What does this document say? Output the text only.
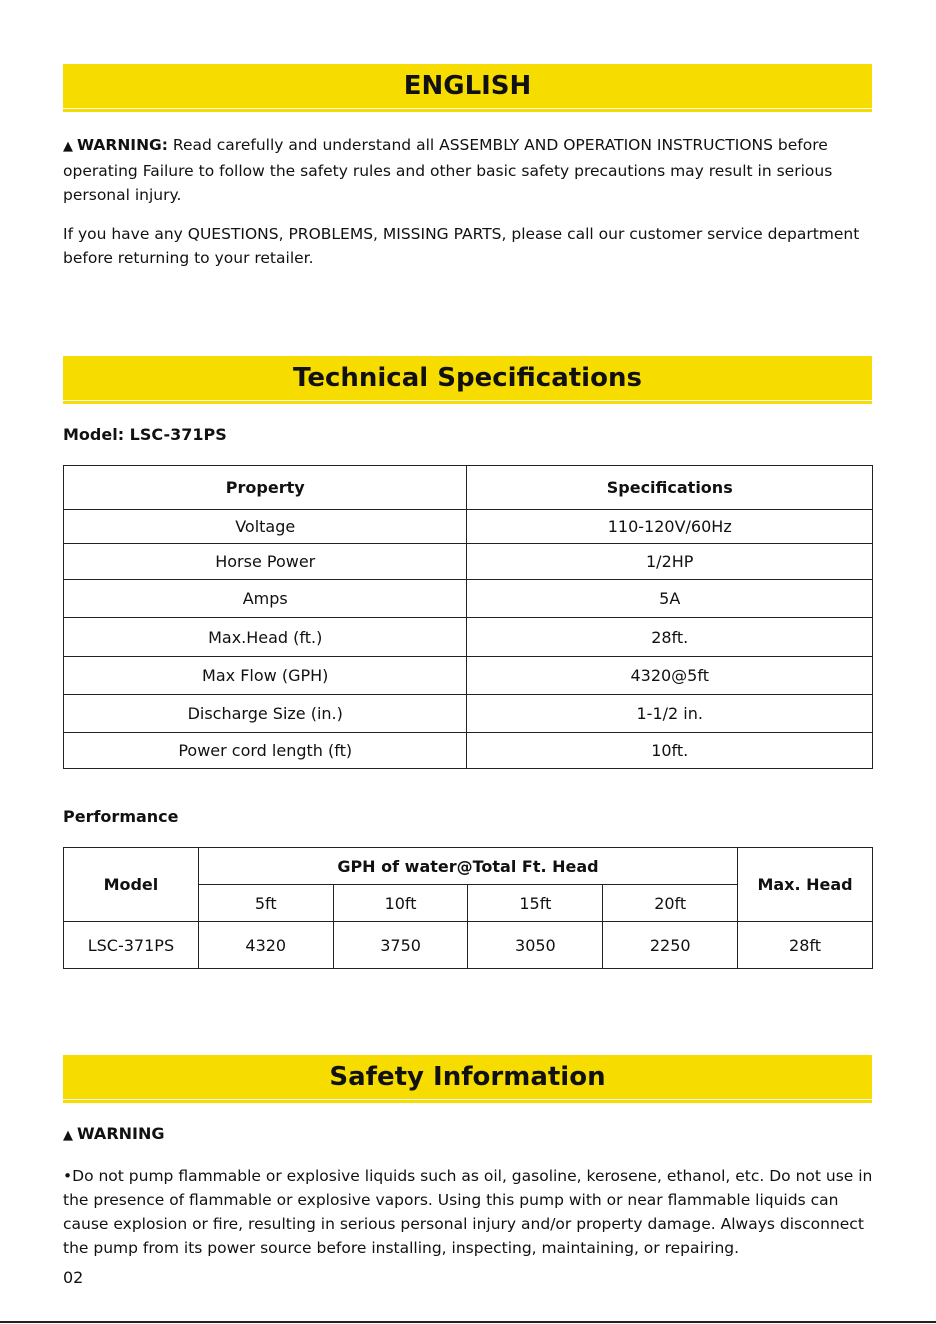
ENGLISH

▲ WARNING: Read carefully and understand all ASSEMBLY AND OPERATION INSTRUCTIONS before operating Failure to follow the safety rules and other basic safety precautions may result in serious personal injury.

If you have any QUESTIONS, PROBLEMS, MISSING PARTS, please call our customer service department before returning to your retailer.

Technical Specifications
Model: LSC-371PS
Property	Specifications
Voltage	110-120V/60Hz
Horse Power	1/2HP
Amps	5A
Max.Head (ft.)	28ft.
Max Flow (GPH)	4320@5ft
Discharge Size (in.)	1-1/2 in.
Power cord length (ft)	10ft.
Performance
Model	GPH of water@Total Ft. Head				Max. Head
	5ft	10ft	15ft	20ft	
LSC-371PS	4320	3750	3050	2250	28ft
Safety Information
▲ WARNING

•Do not pump flammable or explosive liquids such as oil, gasoline, kerosene, ethanol, etc. Do not use in the presence of flammable or explosive vapors. Using this pump with or near flammable liquids can cause explosion or fire, resulting in serious personal injury and/or property damage. Always disconnect the pump from its power source before installing, inspecting, maintaining, or repairing.

02
